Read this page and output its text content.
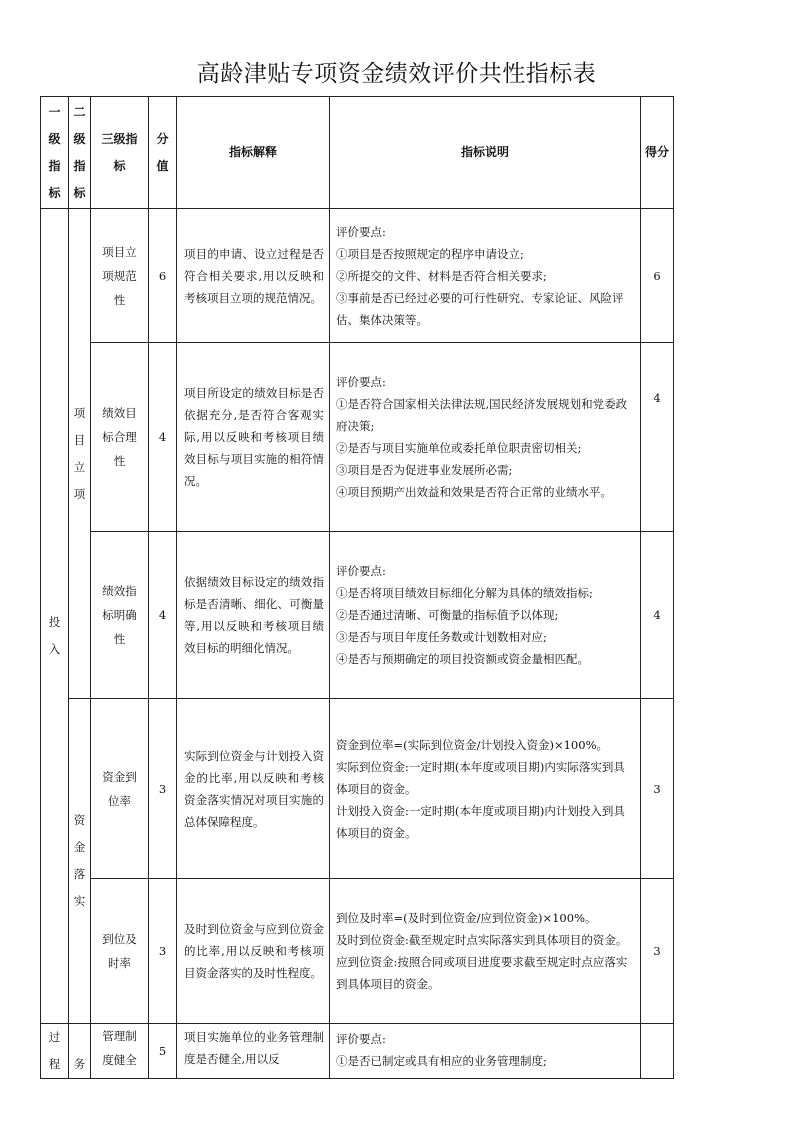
高龄津贴专项资金绩效评价共性指标表
一级指标	二级指标	三级指标	分值	指标解释	指标说明	得分
投入	项目立项	项目立项规范性	6	项目的申请、设立过程是否符合相关要求,用以反映和考核项目立项的规范情况。	评价要点:
①项目是否按照规定的程序申请设立;
②所提交的文件、材料是否符合相关要求;
③事前是否已经过必要的可行性研究、专家论证、风险评估、集体决策等。	6
		绩效目标合理性	4	项目所设定的绩效目标是否依据充分,是否符合客观实际,用以反映和考核项目绩效目标与项目实施的相符情况。	评价要点:
①是否符合国家相关法律法规,国民经济发展规划和党委政府决策;
②是否与项目实施单位或委托单位职责密切相关;
③项目是否为促进事业发展所必需;
④项目预期产出效益和效果是否符合正常的业绩水平。	4
		绩效指标明确性	4	依据绩效目标设定的绩效指标是否清晰、细化、可衡量等,用以反映和考核项目绩效目标的明细化情况。	评价要点:
①是否将项目绩效目标细化分解为具体的绩效指标;
②是否通过清晰、可衡量的指标值予以体现;
③是否与项目年度任务数或计划数相对应;
④是否与预期确定的项目投资额或资金量相匹配。	4
	资金落实	资金到位率	3	实际到位资金与计划投入资金的比率,用以反映和考核资金落实情况对项目实施的总体保障程度。	资金到位率=(实际到位资金/计划投入资金)×100%。
实际到位资金:一定时期(本年度或项目期)内实际落实到具体项目的资金。
计划投入资金:一定时期(本年度或项目期)内计划投入到具体项目的资金。	3
		到位及时率	3	及时到位资金与应到位资金的比率,用以反映和考核项目资金落实的及时性程度。	到位及时率=(及时到位资金/应到位资金)×100%。
及时到位资金:截至规定时点实际落实到具体项目的资金。
应到位资金:按照合同或项目进度要求截至规定时点应落实到具体项目的资金。	3
过程	务	管理制度健全	5	项目实施单位的业务管理制度是否健全,用以反	评价要点:
①是否已制定或具有相应的业务管理制度;	
